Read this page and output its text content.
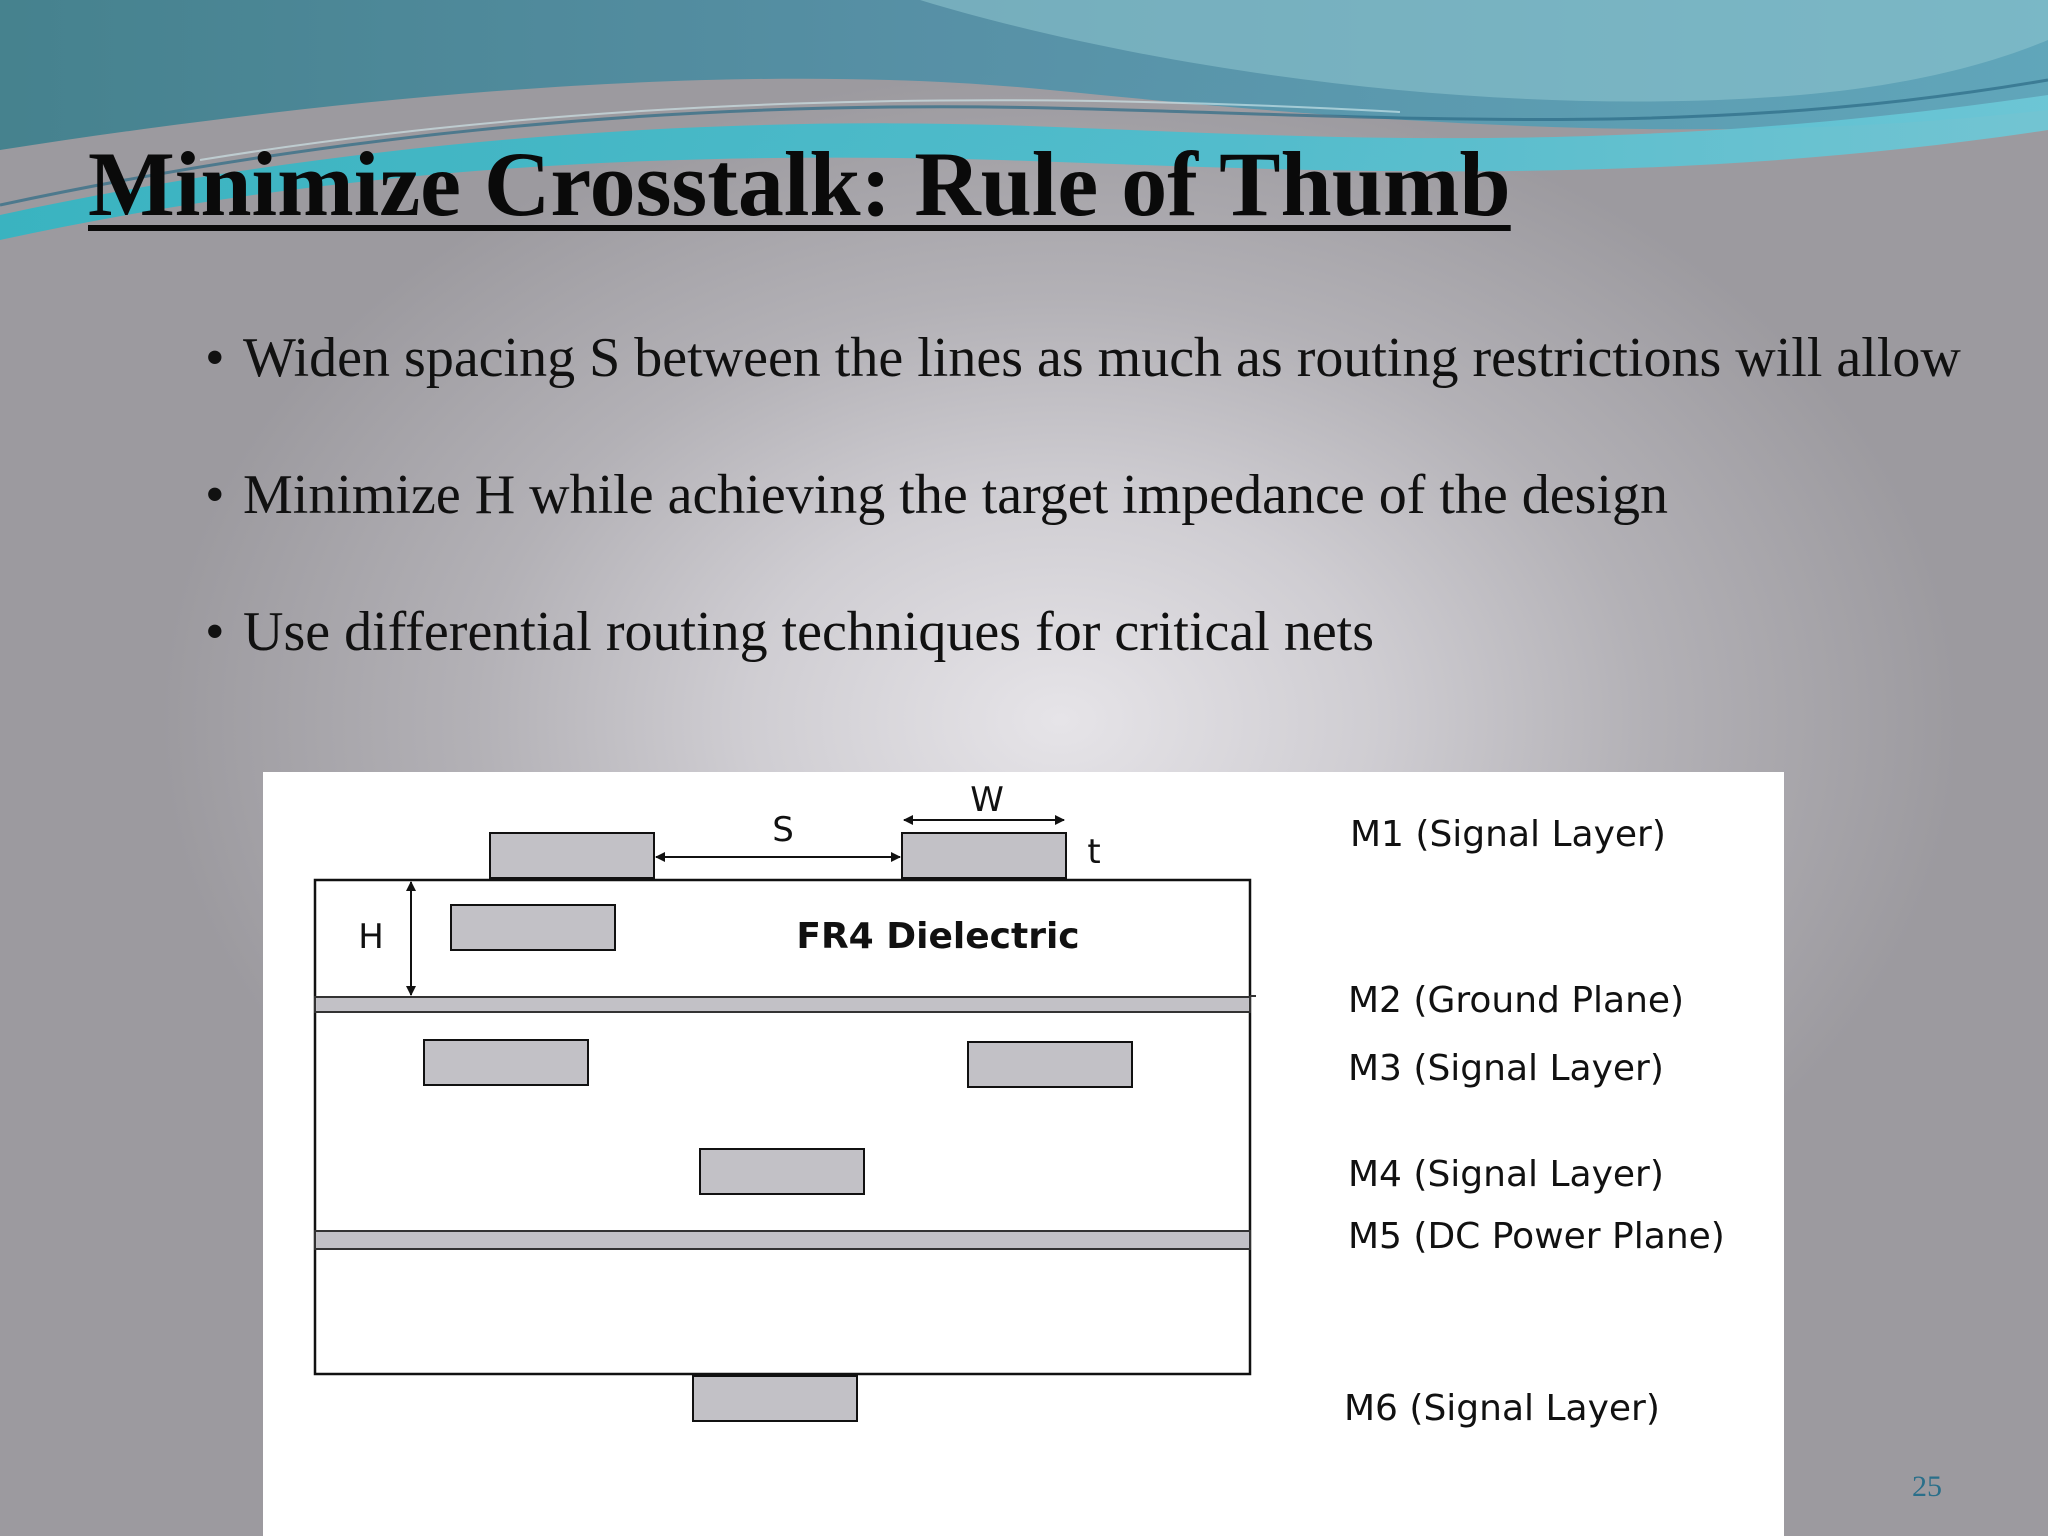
Minimize Crosstalk: Rule of Thumb
• Widen spacing S between the lines as much as routing restrictions will allow
• Minimize H while achieving the target impedance of the design
• Use differential routing techniques for critical nets
S
W
t
H	FR4 Dielectric
M1 (Signal Layer)
M2 (Ground Plane)
M3 (Signal Layer)
M4 (Signal Layer)
M5 (DC Power Plane)
M6 (Signal Layer)

25
